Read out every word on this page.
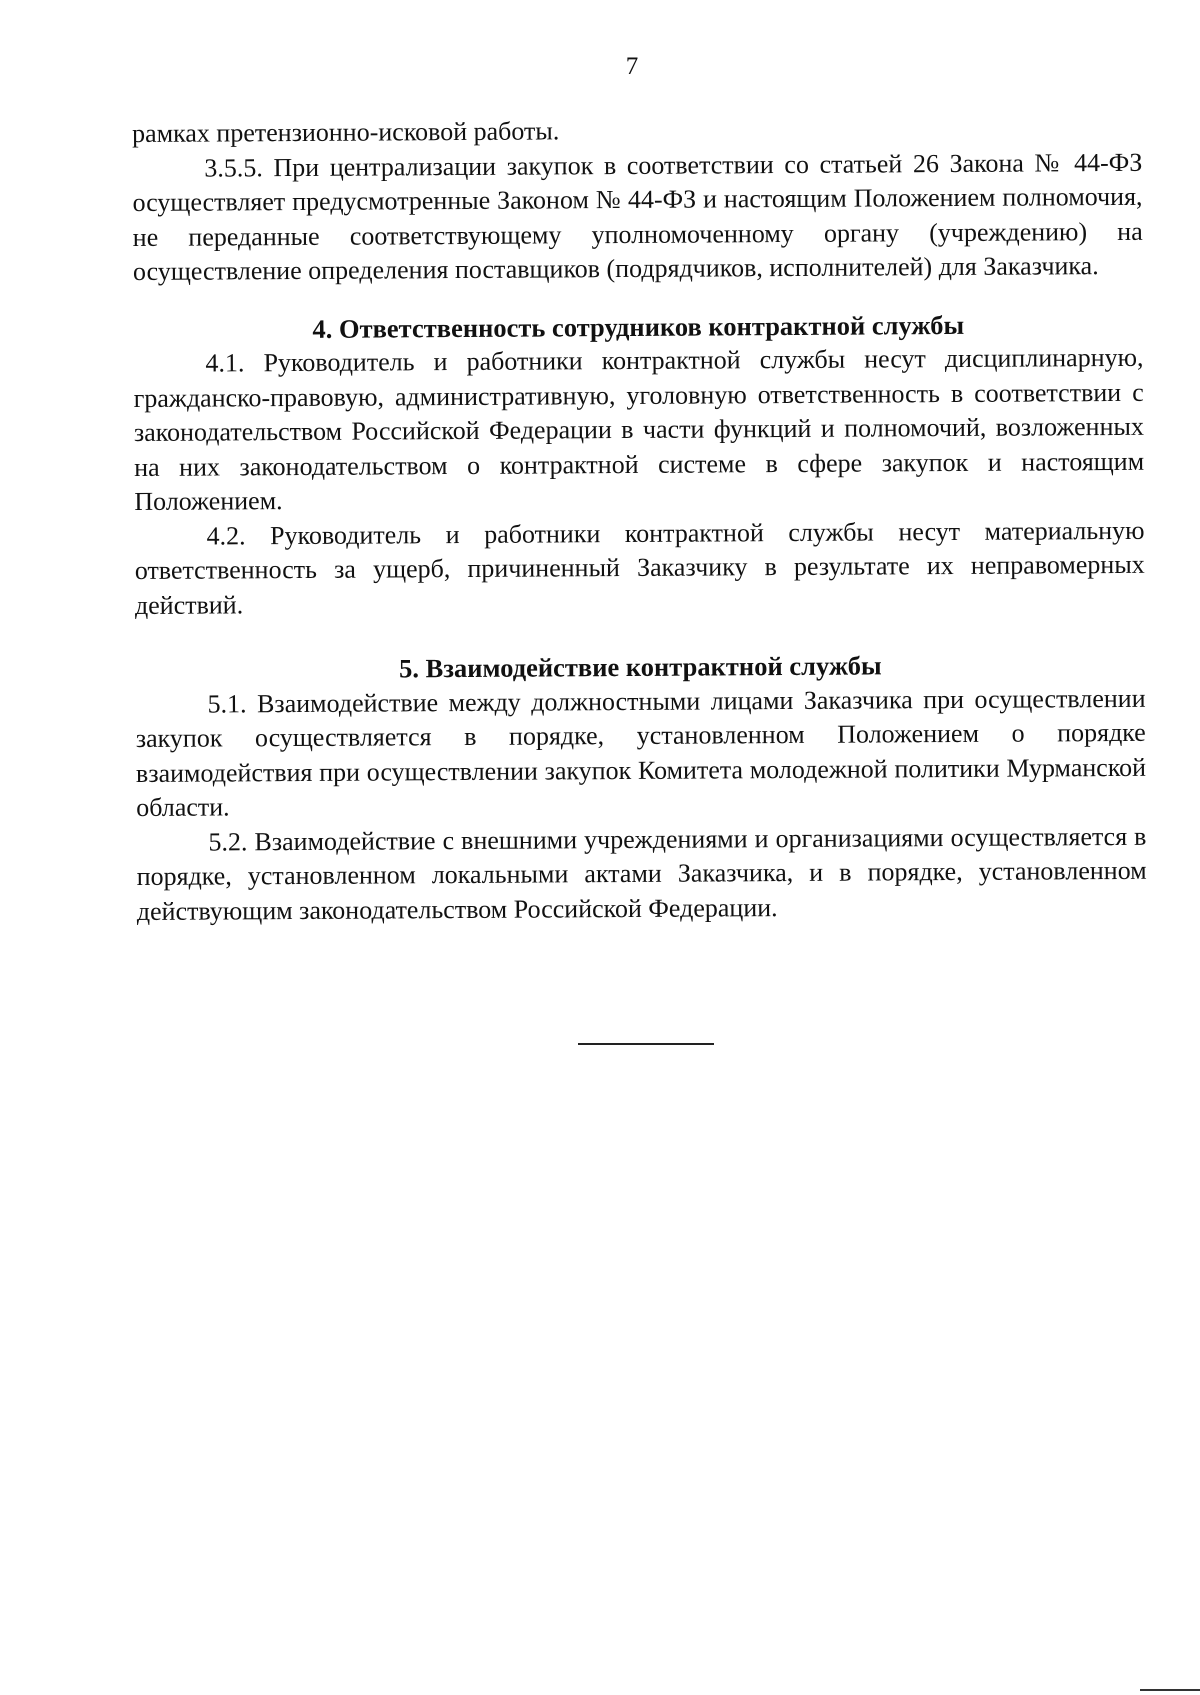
7

рамках претензионно-исковой работы.

3.5.5. При централизации закупок в соответствии со статьей 26 Закона № 44-ФЗ осуществляет предусмотренные Законом № 44-ФЗ и настоящим Положением полномочия, не переданные соответствующему уполномоченному органу (учреждению) на осуществление определения поставщиков (подрядчиков, исполнителей) для Заказчика.

4. Ответственность сотрудников контрактной службы

4.1. Руководитель и работники контрактной службы несут дисциплинарную, гражданско-правовую, административную, уголовную ответственность в соответствии с законодательством Российской Федерации в части функций и полномочий, возложенных на них законодательством о контрактной системе в сфере закупок и настоящим Положением.

4.2. Руководитель и работники контрактной службы несут материальную ответственность за ущерб, причиненный Заказчику в результате их неправомерных действий.

5. Взаимодействие контрактной службы

5.1. Взаимодействие между должностными лицами Заказчика при осуществлении закупок осуществляется в порядке, установленном Положением о порядке взаимодействия при осуществлении закупок Комитета молодежной политики Мурманской области.

5.2. Взаимодействие с внешними учреждениями и организациями осуществляется в порядке, установленном локальными актами Заказчика, и в порядке, установленном действующим законодательством Российской Федерации.
